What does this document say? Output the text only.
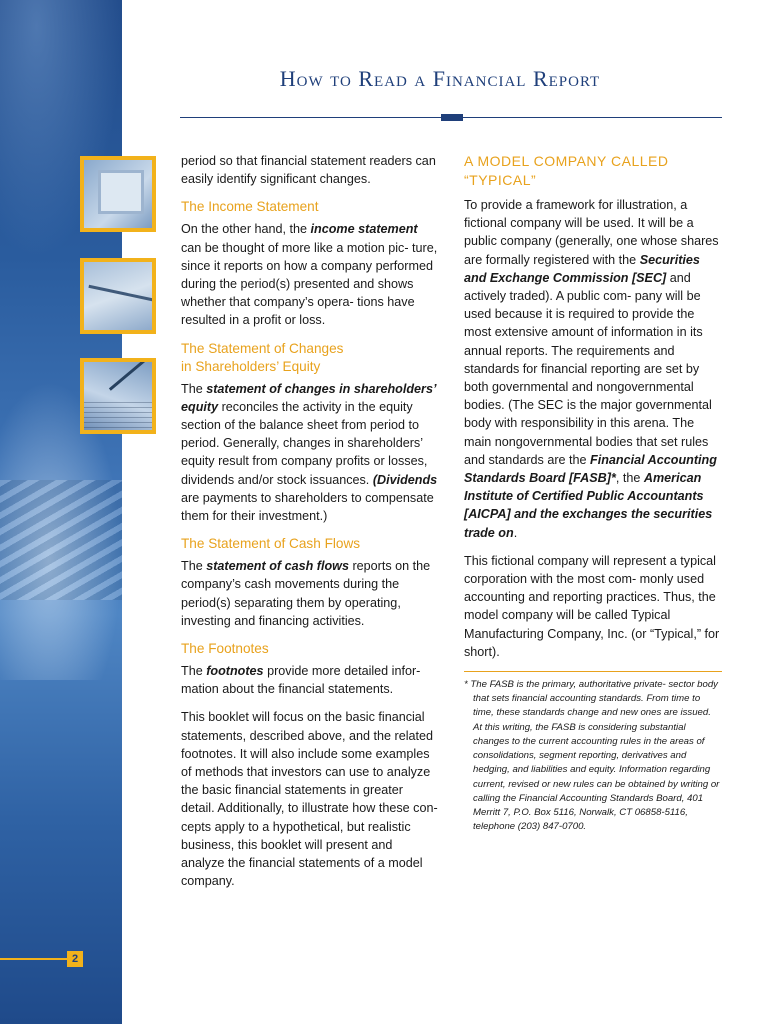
How to Read a Financial Report

period so that financial statement readers can easily identify significant changes.

The Income Statement

On the other hand, the income statement can be thought of more like a motion pic- ture, since it reports on how a company performed during the period(s) presented and shows whether that company’s opera- tions have resulted in a profit or loss.

The Statement of Changes
in Shareholders’ Equity

The statement of changes in shareholders’ equity reconciles the activity in the equity section of the balance sheet from period to period. Generally, changes in shareholders’ equity result from company profits or losses, dividends and/or stock issuances. (Dividends are payments to shareholders to compensate them for their investment.)

The Statement of Cash Flows

The statement of cash flows reports on the company’s cash movements during the period(s) separating them by operating, investing and financing activities.

The Footnotes

The footnotes provide more detailed infor- mation about the financial statements.

This booklet will focus on the basic financial statements, described above, and the related footnotes. It will also include some examples of methods that investors can use to analyze the basic financial statements in greater detail. Additionally, to illustrate how these con- cepts apply to a hypothetical, but realistic business, this booklet will present and analyze the financial statements of a model company.

A MODEL COMPANY CALLED “TYPICAL”

To provide a framework for illustration, a fictional company will be used. It will be a public company (generally, one whose shares are formally registered with the Securities and Exchange Commission [SEC] and actively traded). A public com- pany will be used because it is required to provide the most extensive amount of information in its annual reports. The requirements and standards for financial reporting are set by both governmental and nongovernmental bodies. (The SEC is the major governmental body with responsibility in this arena. The main nongovernmental bodies that set rules and standards are the Financial Accounting Standards Board [FASB]*, the American Institute of Certified Public Accountants [AICPA] and the exchanges the securities trade on.

This fictional company will represent a typical corporation with the most com- monly used accounting and reporting practices. Thus, the model company will be called Typical Manufacturing Company, Inc. (or “Typical,” for short).

* The FASB is the primary, authoritative private- sector body that sets financial accounting standards. From time to time, these standards change and new ones are issued. At this writing, the FASB is considering substantial changes to the current accounting rules in the areas of consolidations, segment reporting, derivatives and hedging, and liabilities and equity. Information regarding current, revised or new rules can be obtained by writing or calling the Financial Accounting Standards Board, 401 Merritt 7, P.O. Box 5116, Norwalk, CT 06858-5116, telephone (203) 847-0700.
2
